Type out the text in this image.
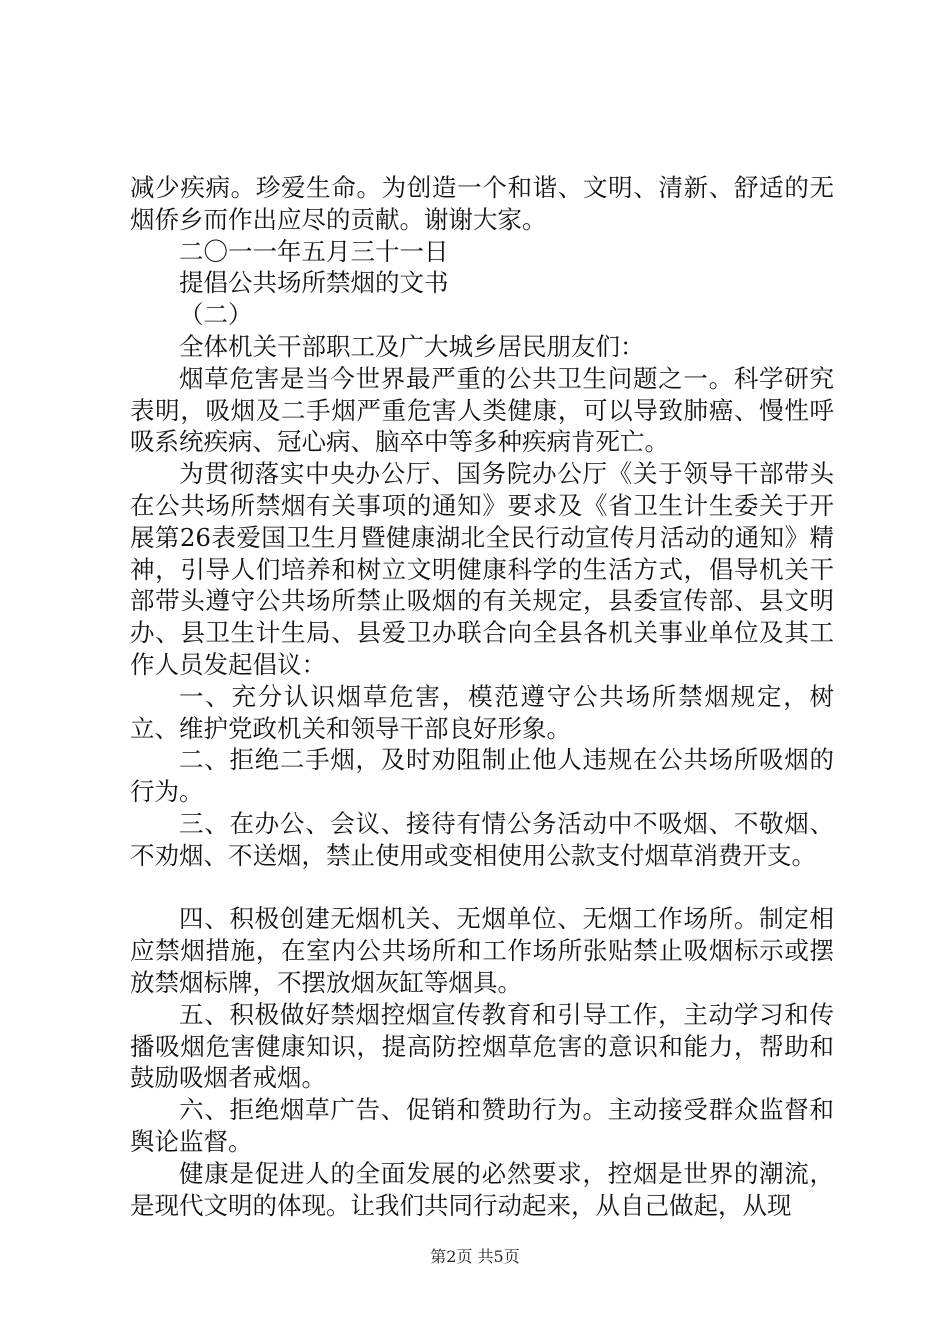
减少疾病。珍爱生命。为创造一个和谐、文明、清新、舒适的无烟侨乡而作出应尽的贡献。谢谢大家。

二〇一一年五月三十一日

提倡公共场所禁烟的文书

（二）

全体机关干部职工及广大城乡居民朋友们：

烟草危害是当今世界最严重的公共卫生问题之一。科学研究表明，吸烟及二手烟严重危害人类健康，可以导致肺癌、慢性呼吸系统疾病、冠心病、脑卒中等多种疾病肯死亡。

为贯彻落实中央办公厅、国务院办公厅《关于领导干部带头在公共场所禁烟有关事项的通知》要求及《省卫生计生委关于开展第26表爱国卫生月暨健康湖北全民行动宣传月活动的通知》精神，引导人们培养和树立文明健康科学的生活方式，倡导机关干部带头遵守公共场所禁止吸烟的有关规定，县委宣传部、县文明办、县卫生计生局、县爱卫办联合向全县各机关事业单位及其工作人员发起倡议：

一、充分认识烟草危害，模范遵守公共场所禁烟规定，树立、维护党政机关和领导干部良好形象。

二、拒绝二手烟，及时劝阻制止他人违规在公共场所吸烟的行为。

三、在办公、会议、接待有情公务活动中不吸烟、不敬烟、不劝烟、不送烟，禁止使用或变相使用公款支付烟草消费开支。

四、积极创建无烟机关、无烟单位、无烟工作场所。制定相应禁烟措施，在室内公共场所和工作场所张贴禁止吸烟标示或摆放禁烟标牌，不摆放烟灰缸等烟具。

五、积极做好禁烟控烟宣传教育和引导工作，主动学习和传播吸烟危害健康知识，提高防控烟草危害的意识和能力，帮助和鼓励吸烟者戒烟。

六、拒绝烟草广告、促销和赞助行为。主动接受群众监督和舆论监督。

健康是促进人的全面发展的必然要求，控烟是世界的潮流，是现代文明的体现。让我们共同行动起来，从自己做起，从现

第2页 共5页
